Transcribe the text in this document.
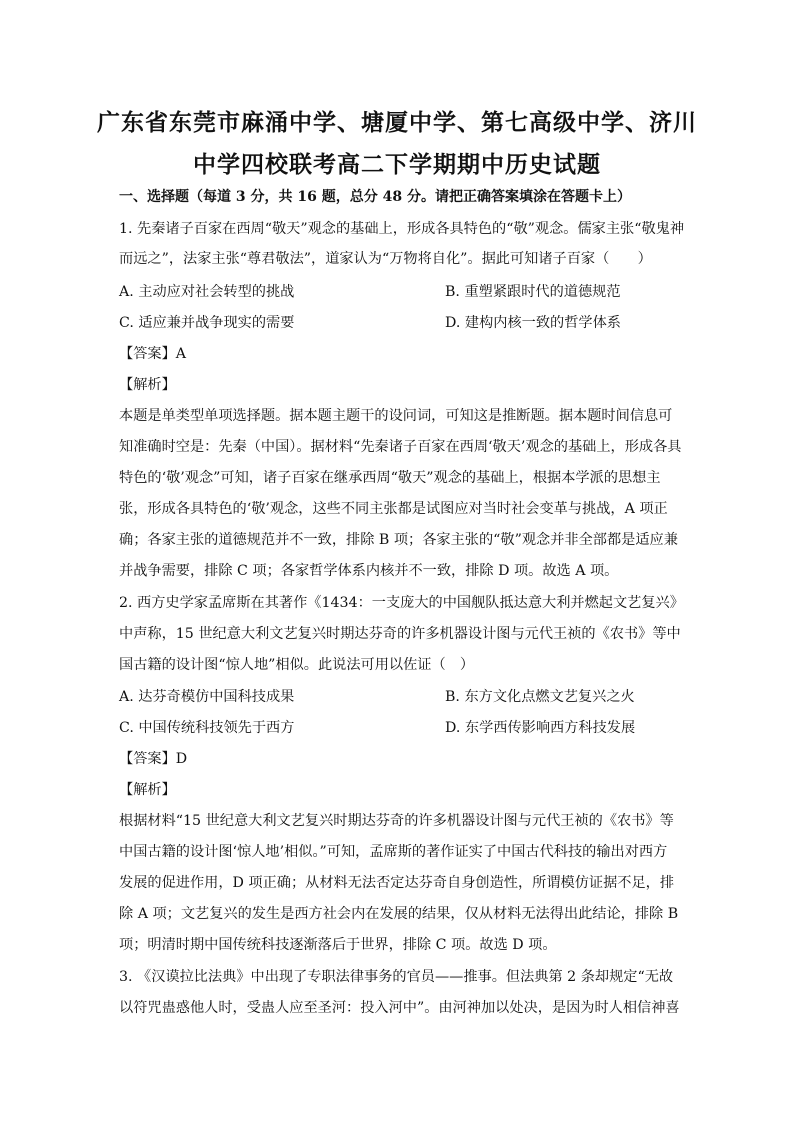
广东省东莞市麻涌中学、塘厦中学、第七高级中学、济川
中学四校联考高二下学期期中历史试题
一、选择题（每道 3 分，共 16 题，总分 48 分。请把正确答案填涂在答题卡上）
1. 先秦诸子百家在西周“敬天”观念的基础上，形成各具特色的“敬”观念。儒家主张“敬鬼神
而远之”，法家主张“尊君敬法”，道家认为“万物将自化”。据此可知诸子百家（　　）
A. 主动应对社会转型的挑战	B. 重塑紧跟时代的道德规范
C. 适应兼并战争现实的需要	D. 建构内核一致的哲学体系
【答案】A
【解析】
本题是单类型单项选择题。据本题主题干的设问词，可知这是推断题。据本题时间信息可
知准确时空是：先秦（中国）。据材料“先秦诸子百家在西周‘敬天’观念的基础上，形成各具
特色的‘敬’观念”可知，诸子百家在继承西周“敬天”观念的基础上，根据本学派的思想主
张，形成各具特色的‘敬’观念，这些不同主张都是试图应对当时社会变革与挑战，A 项正
确；各家主张的道德规范并不一致，排除 B 项；各家主张的“敬”观念并非全部都是适应兼
并战争需要，排除 C 项；各家哲学体系内核并不一致，排除 D 项。故选 A 项。
2. 西方史学家孟席斯在其著作《1434：一支庞大的中国舰队抵达意大利并燃起文艺复兴》
中声称，15 世纪意大利文艺复兴时期达芬奇的许多机器设计图与元代王祯的《农书》等中
国古籍的设计图“惊人地”相似。此说法可用以佐证（　）
A. 达芬奇模仿中国科技成果	B. 东方文化点燃文艺复兴之火
C. 中国传统科技领先于西方	D. 东学西传影响西方科技发展
【答案】D
【解析】
根据材料“15 世纪意大利文艺复兴时期达芬奇的许多机器设计图与元代王祯的《农书》等
中国古籍的设计图‘惊人地’相似。”可知，孟席斯的著作证实了中国古代科技的输出对西方
发展的促进作用，D 项正确；从材料无法否定达芬奇自身创造性，所谓模仿证据不足，排
除 A 项；文艺复兴的发生是西方社会内在发展的结果，仅从材料无法得出此结论，排除 B
项；明清时期中国传统科技逐渐落后于世界，排除 C 项。故选 D 项。
3. 《汉谟拉比法典》中出现了专职法律事务的官员——推事。但法典第 2 条却规定“无故
以符咒蛊惑他人时，受蛊人应至圣河：投入河中”。由河神加以处决，是因为时人相信神喜
